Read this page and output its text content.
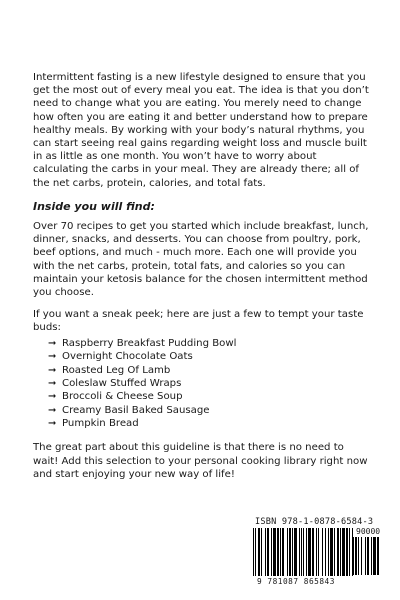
Intermittent fasting is a new lifestyle designed to ensure that you get the most out of every meal you eat. The idea is that you don’t need to change what you are eating. You merely need to change how often you are eating it and better understand how to prepare healthy meals. By working with your body’s natural rhythms, you can start seeing real gains regarding weight loss and muscle built in as little as one month. You won’t have to worry about calculating the carbs in your meal. They are already there; all of the net carbs, protein, calories, and total fats.

Inside you will find:

Over 70 recipes to get you started which include breakfast, lunch, dinner, snacks, and desserts. You can choose from poultry, pork, beef options, and much - much more. Each one will provide you with the net carbs, protein, total fats, and calories so you can maintain your ketosis balance for the chosen intermittent method you choose.

If you want a sneak peek; here are just a few to tempt your taste buds:

➞ Raspberry Breakfast Pudding Bowl
➞ Overnight Chocolate Oats
➞ Roasted Leg Of Lamb
➞ Coleslaw Stuffed Wraps
➞ Broccoli & Cheese Soup
➞ Creamy Basil Baked Sausage
➞ Pumpkin Bread

The great part about this guideline is that there is no need to wait! Add this selection to your personal cooking library right now and start enjoying your new way of life!

ISBN 978-1-0878-6584-3
90000
9 781087 865843
